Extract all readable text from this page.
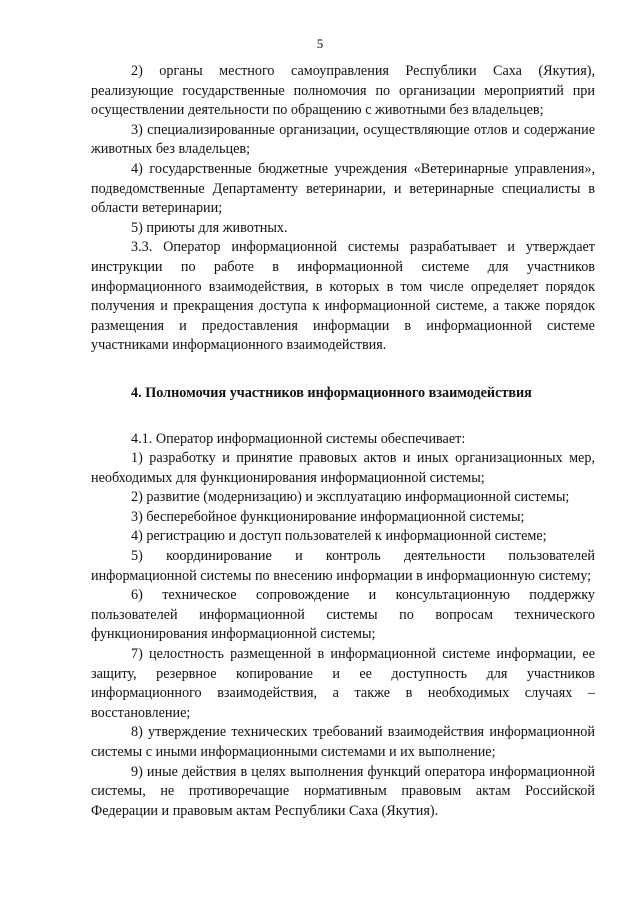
5

2) органы местного самоуправления Республики Саха (Якутия), реализующие государственные полномочия по организации мероприятий при осуществлении деятельности по обращению с животными без владельцев;

3) специализированные организации, осуществляющие отлов и содержание животных без владельцев;

4) государственные бюджетные учреждения «Ветеринарные управления», подведомственные Департаменту ветеринарии, и ветеринарные специалисты в области ветеринарии;

5) приюты для животных.

3.3. Оператор информационной системы разрабатывает и утверждает инструкции по работе в информационной системе для участников информационного взаимодействия, в которых в том числе определяет порядок получения и прекращения доступа к информационной системе, а также порядок размещения и предоставления информации в информационной системе участниками информационного взаимодействия.

4. Полномочия участников информационного взаимодействия

4.1. Оператор информационной системы обеспечивает:

1) разработку и принятие правовых актов и иных организационных мер, необходимых для функционирования информационной системы;

2) развитие (модернизацию) и эксплуатацию информационной системы;

3) бесперебойное функционирование информационной системы;

4) регистрацию и доступ пользователей к информационной системе;

5) координирование и контроль деятельности пользователей информационной системы по внесению информации в информационную систему;

6) техническое сопровождение и консультационную поддержку пользователей информационной системы по вопросам технического функционирования информационной системы;

7) целостность размещенной в информационной системе информации, ее защиту, резервное копирование и ее доступность для участников информационного взаимодействия, а также в необходимых случаях – восстановление;

8) утверждение технических требований взаимодействия информационной системы с иными информационными системами и их выполнение;

9) иные действия в целях выполнения функций оператора информационной системы, не противоречащие нормативным правовым актам Российской Федерации и правовым актам Республики Саха (Якутия).
